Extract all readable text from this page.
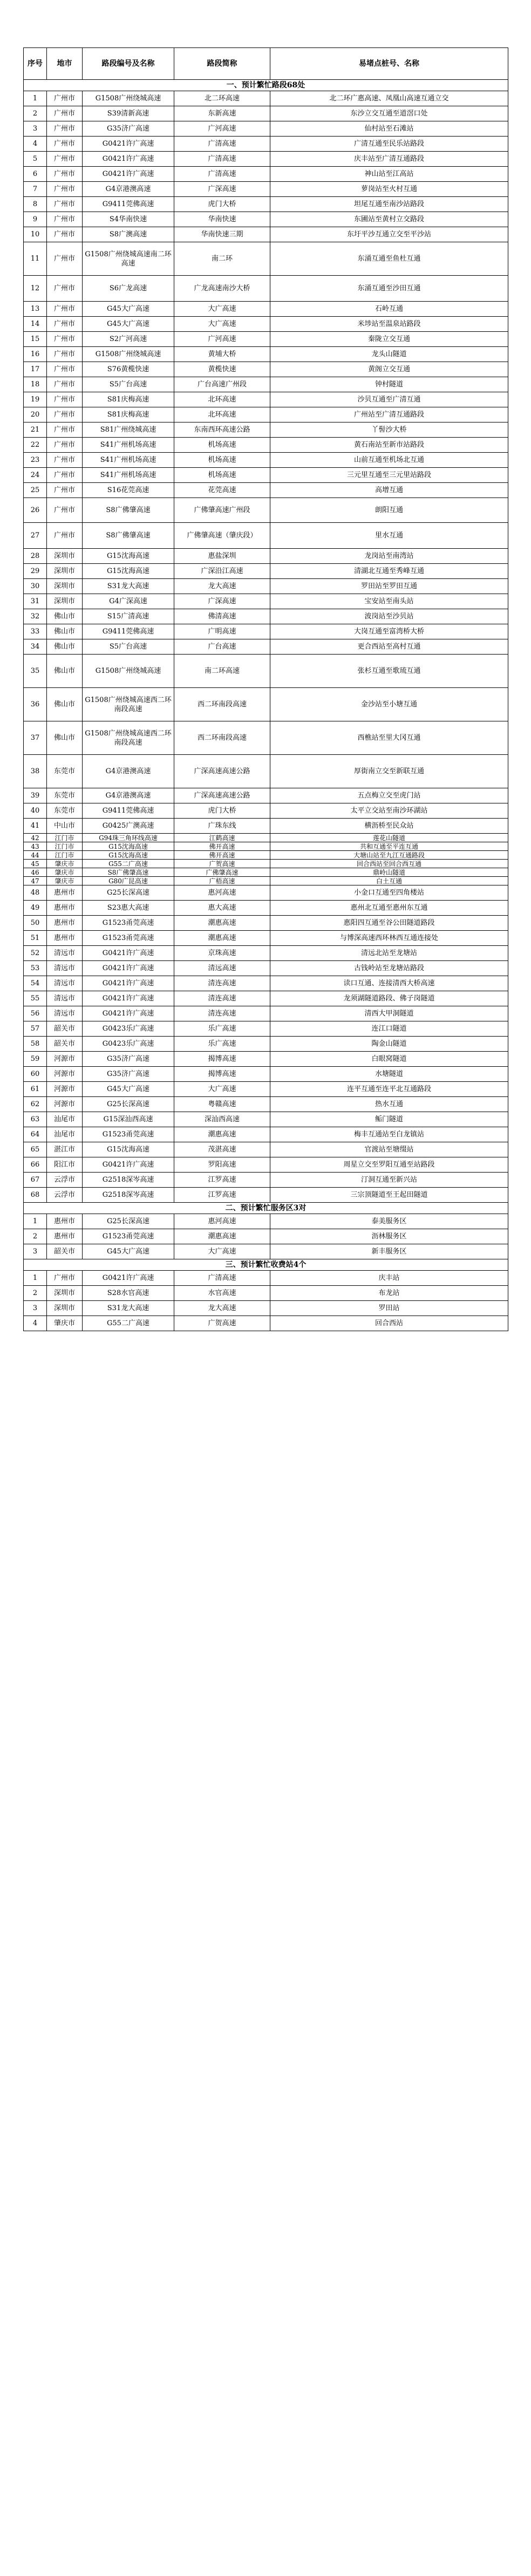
序号	地市	路段编号及名称	路段简称	易堵点桩号、名称
一、预计繁忙路段68处				
1	广州市	G1508广州绕城高速	北二环高速	北二环广惠高速、凤凰山高速互通立交
2	广州市	S39清新高速	东新高速	东沙立交互通至道滘口处
3	广州市	G35济广高速	广河高速	仙村站至石滩站
4	广州市	G0421许广高速	广清高速	广清互通至民乐站路段
5	广州市	G0421许广高速	广清高速	庆丰站至广清互通路段
6	广州市	G0421许广高速	广清高速	神山站至江高站
7	广州市	G4京港澳高速	广深高速	萝岗站至火村互通
8	广州市	G9411莞佛高速	虎门大桥	坦尾互通至南沙站路段
9	广州市	S4华南快速	华南快速	东圃站至黄村立交路段
10	广州市	S8广澳高速	华南快速三期	东圩平沙互通立交至平沙站
11	广州市	G1508广州绕城高速南二环高速	南二环	东涌互通至鱼杜互通
12	广州市	S6广龙高速	广龙高速南沙大桥	东涌互通至沙田互通
13	广州市	G45大广高速	大广高速	石岭互通
14	广州市	G45大广高速	大广高速	米埗站至温泉站路段
15	广州市	S2广河高速	广河高速	秦陇立交互通
16	广州市	G1508广州绕城高速	黄埔大桥	龙头山隧道
17	广州市	S76黄榄快速	黄榄快速	黄阁立交互通
18	广州市	S5广台高速	广台高速广州段	钟村隧道
19	广州市	S81庆梅高速	北环高速	沙贝互通至广清互通
20	广州市	S81庆梅高速	北环高速	广州站至广清互通路段
21	广州市	S81广州绕城高速	东南西环高速公路	丫髻沙大桥
22	广州市	S41广州机场高速	机场高速	黄石南站至新市站路段
23	广州市	S41广州机场高速	机场高速	山前互通至机场北互通
24	广州市	S41广州机场高速	机场高速	三元里互通至三元里站路段
25	广州市	S16花莞高速	花莞高速	高增互通
26	广州市	S8广佛肇高速	广佛肇高速广州段	朗阳互通
27	广州市	S8广佛肇高速	广佛肇高速（肇庆段）	里水互通
28	深圳市	G15沈海高速	惠盐深圳	龙岗站至南湾站
29	深圳市	G15沈海高速	广深沿江高速	清湖北互通至秀峰互通
30	深圳市	S31龙大高速	龙大高速	罗田站至罗田互通
31	深圳市	G4广深高速	广深高速	宝安站至南头站
32	佛山市	S15广清高速	佛清高速	波岗站至沙贝站
33	佛山市	G9411莞佛高速	广明高速	大岗互通至富湾桥大桥
34	佛山市	S5广台高速	广台高速	更合西站至高村互通
35	佛山市	G1508广州绕城高速	南二环高速	张杉互通至歌琉互通
36	佛山市	G1508广州绕城高速西二环南段高速	西二环南段高速	金沙站至小塘互通
37	佛山市	G1508广州绕城高速西二环南段高速	西二环南段高速	西樵站至里大冈互通
38	东莞市	G4京港澳高速	广深高速高速公路	厚街南立交至新联互通
39	东莞市	G4京港澳高速	广深高速高速公路	五点梅立交至虎门站
40	东莞市	G9411莞佛高速	虎门大桥	太平立交站至南沙环湖站
41	中山市	G0425广澳高速	广珠东线	横沥桥至民众站
42	江门市	G94珠三角环线高速	江鹤高速	莲花山隧道
43	江门市	G15沈海高速	佛开高速	共和互通至平连互通
44	江门市	G15沈海高速	佛开高速	大塘山站至九江互通路段
45	肇庆市	G55二广高速	广贺高速	回合西站至回合西互通
46	肇庆市	S8广佛肇高速	广佛肇高速	鼎岭山隧道
47	肇庆市	G80广昆高速	广梧高速	白土互通
48	惠州市	G25长深高速	惠河高速	小金口互通至四角楼站
49	惠州市	S23惠大高速	惠大高速	惠州北互通至惠州东互通
50	惠州市	G1523甬莞高速	潮惠高速	惠阳四互通至谷公田隧道路段
51	惠州市	G1523甬莞高速	潮惠高速	与博深高速西环林西互通连接处
52	清远市	G0421许广高速	京珠高速	清远北站至龙塘站
53	清远市	G0421许广高速	清远高速	古钱岭站至龙塘站路段
54	清远市	G0421许广高速	清连高速	读口互通、连接清西大桥高速
55	清远市	G0421许广高速	清连高速	龙须湖隧道路段、佛子岗隧道
56	清远市	G0421许广高速	清连高速	清西大甲洞隧道
57	韶关市	G0423乐广高速	乐广高速	连江口隧道
58	韶关市	G0423乐广高速	乐广高速	陶金山隧道
59	河源市	G35济广高速	揭博高速	白眼窝隧道
60	河源市	G35济广高速	揭博高速	水塘隧道
61	河源市	G45大广高速	大广高速	连平互通至连平北互通路段
62	河源市	G25长深高速	粤赣高速	热水互通
63	汕尾市	G15深汕西高速	深汕西高速	鲘门隧道
64	汕尾市	G1523甬莞高速	潮惠高速	梅丰互通站至白龙镇站
65	湛江市	G15沈海高速	茂湛高速	官渡站至塘缀站
66	阳江市	G0421许广高速	罗阳高速	周星立交至罗阳互通至站路段
67	云浮市	G2518深岑高速	江罗高速	汀洞互通至新兴站
68	云浮市	G2518深岑高速	江罗高速	三宗顶隧道至王起田隧道
二、预计繁忙服务区3对				
1	惠州市	G25长深高速	惠河高速	泰美服务区
2	惠州市	G1523甬莞高速	潮惠高速	沥林服务区
3	韶关市	G45大广高速	大广高速	新丰服务区
三、预计繁忙收费站4个				
1	广州市	G0421许广高速	广清高速	庆丰站
2	深圳市	S28水官高速	水官高速	布龙站
3	深圳市	S31龙大高速	龙大高速	罗田站
4	肇庆市	G55二广高速	广贺高速	回合西站
